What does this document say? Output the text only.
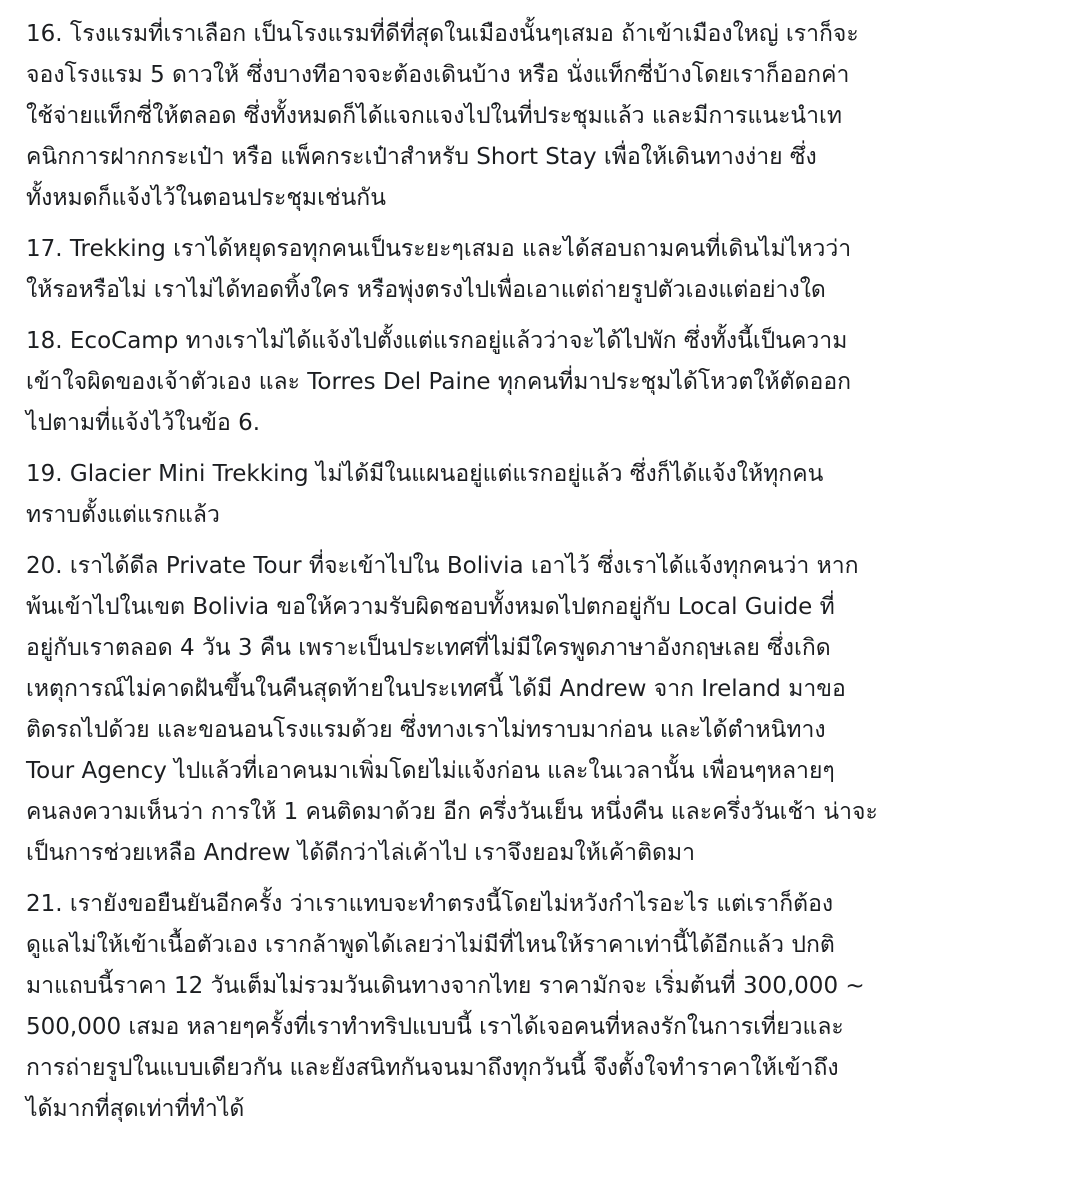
16. โรงแรมที่เราเลือก เป็นโรงแรมที่ดีที่สุดในเมืองนั้นๆเสมอ ถ้าเข้าเมืองใหญ่ เราก็จะ
จองโรงแรม 5 ดาวให้ ซึ่งบางทีอาจจะต้องเดินบ้าง หรือ นั่งแท็กซี่บ้างโดยเราก็ออกค่า
ใช้จ่ายแท็กซี่ให้ตลอด ซึ่งทั้งหมดก็ได้แจกแจงไปในที่ประชุมแล้ว และมีการแนะนำเท
คนิกการฝากกระเป๋า หรือ แพ็คกระเป๋าสำหรับ Short Stay เพื่อให้เดินทางง่าย ซึ่ง
ทั้งหมดก็แจ้งไว้ในตอนประชุมเช่นกัน
17. Trekking เราได้หยุดรอทุกคนเป็นระยะๆเสมอ และได้สอบถามคนที่เดินไม่ไหวว่า
ให้รอหรือไม่ เราไม่ได้ทอดทิ้งใคร หรือพุ่งตรงไปเพื่อเอาแต่ถ่ายรูปตัวเองแต่อย่างใด
18. EcoCamp ทางเราไม่ได้แจ้งไปตั้งแต่แรกอยู่แล้วว่าจะได้ไปพัก ซึ่งทั้งนี้เป็นความ
เข้าใจผิดของเจ้าตัวเอง และ Torres Del Paine ทุกคนที่มาประชุมได้โหวตให้ตัดออก
ไปตามที่แจ้งไว้ในข้อ 6.
19. Glacier Mini Trekking ไม่ได้มีในแผนอยู่แต่แรกอยู่แล้ว ซึ่งก็ได้แจ้งให้ทุกคน
ทราบตั้งแต่แรกแล้ว
20. เราได้ดีล Private Tour ที่จะเข้าไปใน Bolivia เอาไว้ ซึ่งเราได้แจ้งทุกคนว่า หาก
พ้นเข้าไปในเขต Bolivia ขอให้ความรับผิดชอบทั้งหมดไปตกอยู่กับ Local Guide ที่
อยู่กับเราตลอด 4 วัน 3 คืน เพราะเป็นประเทศที่ไม่มีใครพูดภาษาอังกฤษเลย ซึ่งเกิด
เหตุการณ์ไม่คาดฝันขึ้นในคืนสุดท้ายในประเทศนี้ ได้มี Andrew จาก Ireland มาขอ
ติดรถไปด้วย และขอนอนโรงแรมด้วย ซึ่งทางเราไม่ทราบมาก่อน และได้ตำหนิทาง
Tour Agency ไปแล้วที่เอาคนมาเพิ่มโดยไม่แจ้งก่อน และในเวลานั้น เพื่อนๆหลายๆ
คนลงความเห็นว่า การให้ 1 คนติดมาด้วย อีก ครึ่งวันเย็น หนึ่งคืน และครึ่งวันเช้า น่าจะ
เป็นการช่วยเหลือ Andrew ได้ดีกว่าไล่เค้าไป เราจึงยอมให้เค้าติดมา
21. เรายังขอยืนยันอีกครั้ง ว่าเราแทบจะทำตรงนี้โดยไม่หวังกำไรอะไร แต่เราก็ต้อง
ดูแลไม่ให้เข้าเนื้อตัวเอง เรากล้าพูดได้เลยว่าไม่มีที่ไหนให้ราคาเท่านี้ได้อีกแล้ว ปกติ
มาแถบนี้ราคา 12 วันเต็มไม่รวมวันเดินทางจากไทย ราคามักจะ เริ่มต้นที่ 300,000 ~
500,000 เสมอ หลายๆครั้งที่เราทำทริปแบบนี้ เราได้เจอคนที่หลงรักในการเที่ยวและ
การถ่ายรูปในแบบเดียวกัน และยังสนิทกันจนมาถึงทุกวันนี้ จึงตั้งใจทำราคาให้เข้าถึง
ได้มากที่สุดเท่าที่ทำได้
